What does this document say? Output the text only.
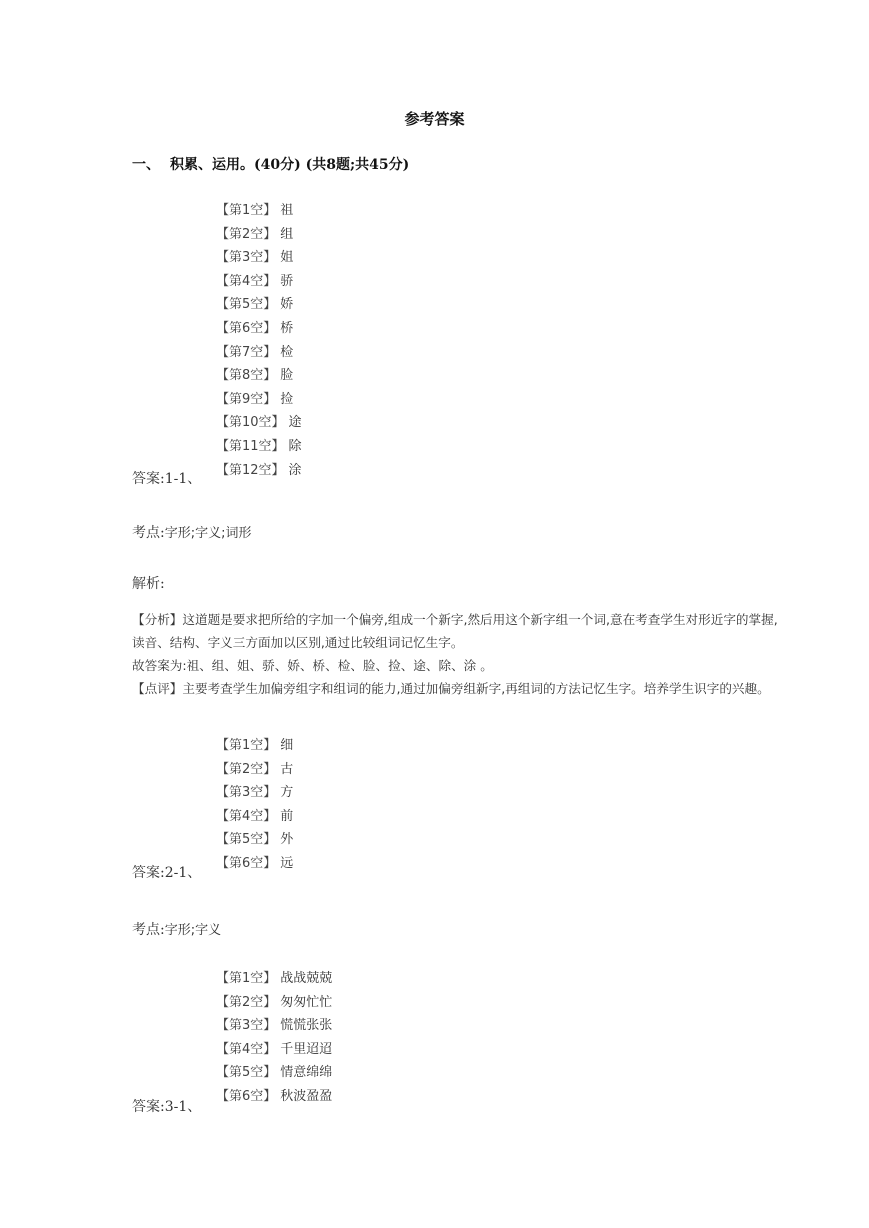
参考答案
一、 积累、运用。(40分) (共8题;共45分)
【第1空】 祖
【第2空】 组
【第3空】 姐
【第4空】 骄
【第5空】 娇
【第6空】 桥
【第7空】 检
【第8空】 脸
【第9空】 捡
【第10空】 途
【第11空】 除
【第12空】 涂
答案:1-1、
考点:字形;字义;词形
解析:

【分析】这道题是要求把所给的字加一个偏旁,组成一个新字,然后用这个新字组一个词,意在考查学生对形近字的掌握,

读音、结构、字义三方面加以区别,通过比较组词记忆生字。

故答案为:祖、组、姐、骄、娇、桥、检、脸、捡、途、除、涂 。

【点评】主要考查学生加偏旁组字和组词的能力,通过加偏旁组新字,再组词的方法记忆生字。培养学生识字的兴趣。

【第1空】 细
【第2空】 古
【第3空】 方
【第4空】 前
【第5空】 外
【第6空】 远
答案:2-1、
考点:字形;字义
【第1空】 战战兢兢
【第2空】 匆匆忙忙
【第3空】 慌慌张张
【第4空】 千里迢迢
【第5空】 情意绵绵
【第6空】 秋波盈盈
答案:3-1、
